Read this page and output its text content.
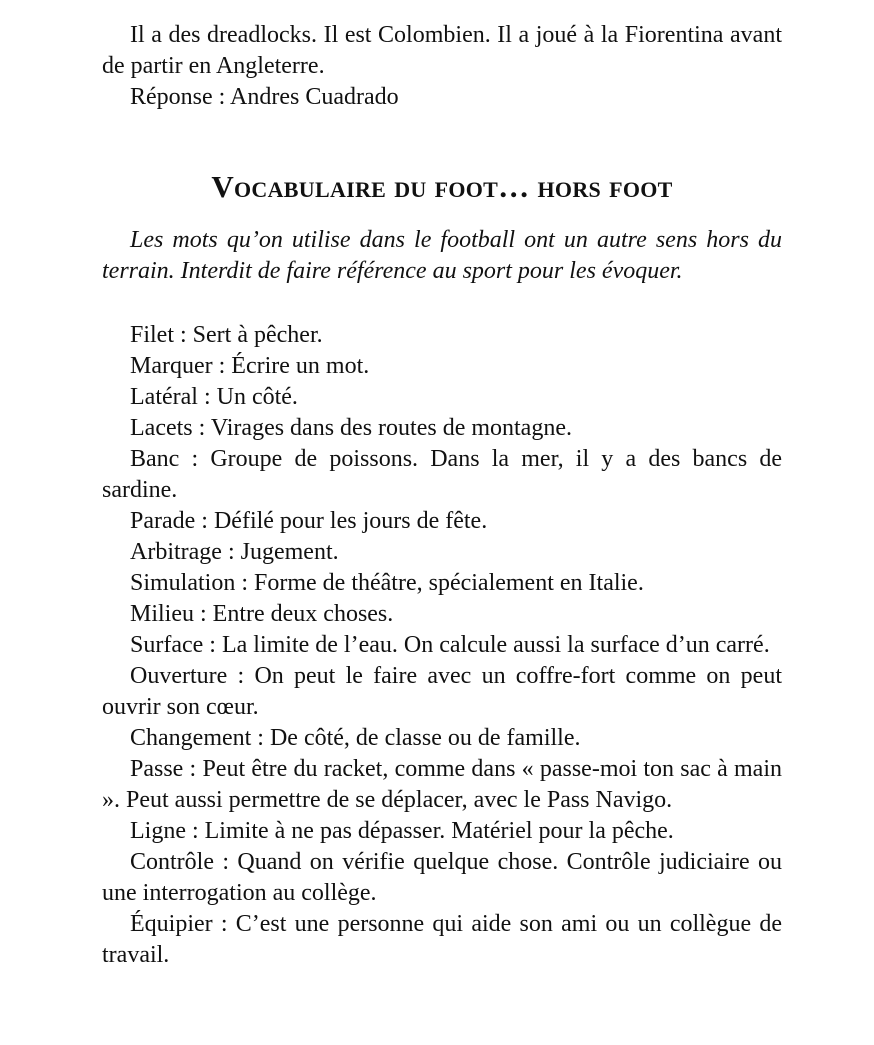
Il a des dreadlocks. Il est Colombien. Il a joué à la Fiorentina avant de partir en Angleterre.

Réponse : Andres Cuadrado

Vocabulaire du foot… hors foot

Les mots qu’on utilise dans le football ont un autre sens hors du terrain. Interdit de faire référence au sport pour les évoquer.

Filet : Sert à pêcher.

Marquer : Écrire un mot.

Latéral : Un côté.

Lacets : Virages dans des routes de montagne.

Banc : Groupe de poissons. Dans la mer, il y a des bancs de sardine.

Parade : Défilé pour les jours de fête.

Arbitrage : Jugement.

Simulation : Forme de théâtre, spécialement en Italie.

Milieu : Entre deux choses.

Surface : La limite de l’eau. On calcule aussi la surface d’un carré.

Ouverture : On peut le faire avec un coffre-fort comme on peut ouvrir son cœur.

Changement : De côté, de classe ou de famille.

Passe : Peut être du racket, comme dans « passe-moi ton sac à main ». Peut aussi permettre de se déplacer, avec le Pass Navigo.

Ligne : Limite à ne pas dépasser. Matériel pour la pêche.

Contrôle : Quand on vérifie quelque chose. Contrôle judiciaire ou une interrogation au collège.

Équipier : C’est une personne qui aide son ami ou un collègue de travail.
